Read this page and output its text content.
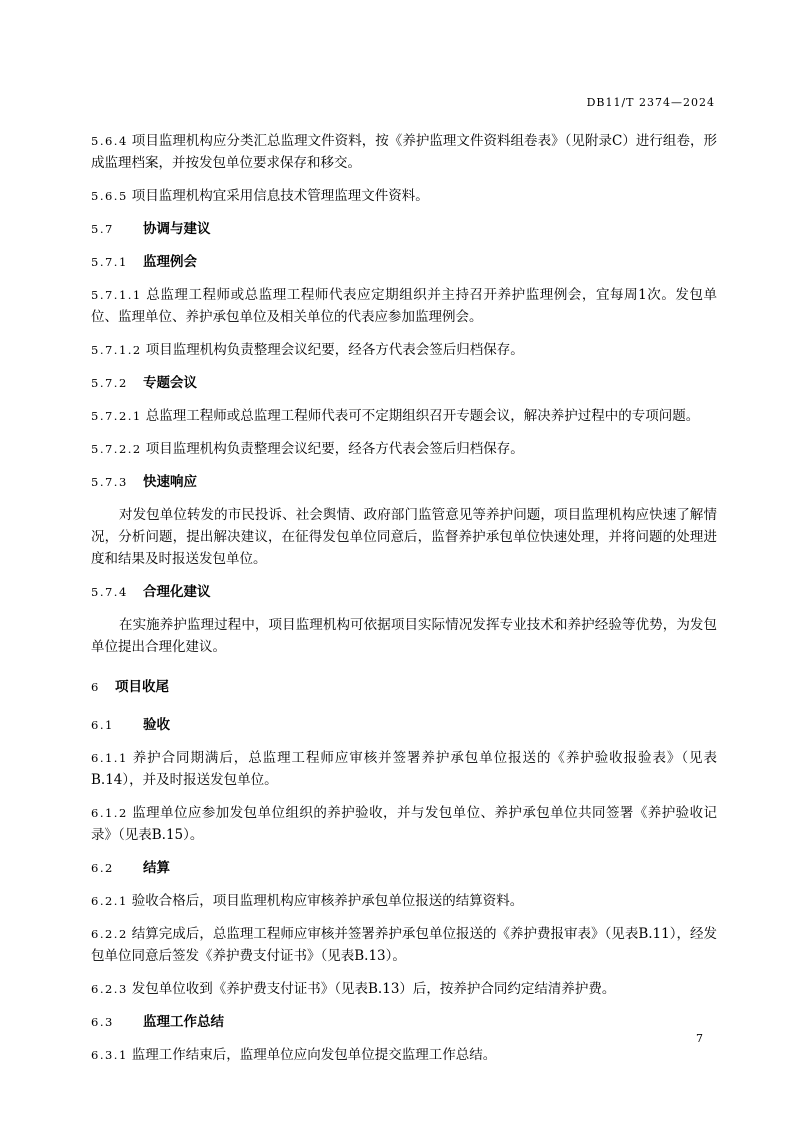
DB11/T 2374—2024
5.6.4 项目监理机构应分类汇总监理文件资料，按《养护监理文件资料组卷表》（见附录C）进行组卷，形成监理档案，并按发包单位要求保存和移交。
5.6.5 项目监理机构宜采用信息技术管理监理文件资料。
5.7 协调与建议
5.7.1 监理例会
5.7.1.1 总监理工程师或总监理工程师代表应定期组织并主持召开养护监理例会，宜每周1次。发包单位、监理单位、养护承包单位及相关单位的代表应参加监理例会。
5.7.1.2 项目监理机构负责整理会议纪要，经各方代表会签后归档保存。
5.7.2 专题会议
5.7.2.1 总监理工程师或总监理工程师代表可不定期组织召开专题会议，解决养护过程中的专项问题。
5.7.2.2 项目监理机构负责整理会议纪要，经各方代表会签后归档保存。
5.7.3 快速响应
对发包单位转发的市民投诉、社会舆情、政府部门监管意见等养护问题，项目监理机构应快速了解情况，分析问题，提出解决建议，在征得发包单位同意后，监督养护承包单位快速处理，并将问题的处理进度和结果及时报送发包单位。
5.7.4 合理化建议
在实施养护监理过程中，项目监理机构可依据项目实际情况发挥专业技术和养护经验等优势，为发包单位提出合理化建议。
6 项目收尾
6.1 验收
6.1.1 养护合同期满后，总监理工程师应审核并签署养护承包单位报送的《养护验收报验表》（见表B.14），并及时报送发包单位。
6.1.2 监理单位应参加发包单位组织的养护验收，并与发包单位、养护承包单位共同签署《养护验收记录》（见表B.15）。
6.2 结算
6.2.1 验收合格后，项目监理机构应审核养护承包单位报送的结算资料。
6.2.2 结算完成后，总监理工程师应审核并签署养护承包单位报送的《养护费报审表》（见表B.11），经发包单位同意后签发《养护费支付证书》（见表B.13）。
6.2.3 发包单位收到《养护费支付证书》（见表B.13）后，按养护合同约定结清养护费。
6.3 监理工作总结
6.3.1 监理工作结束后，监理单位应向发包单位提交监理工作总结。
7
